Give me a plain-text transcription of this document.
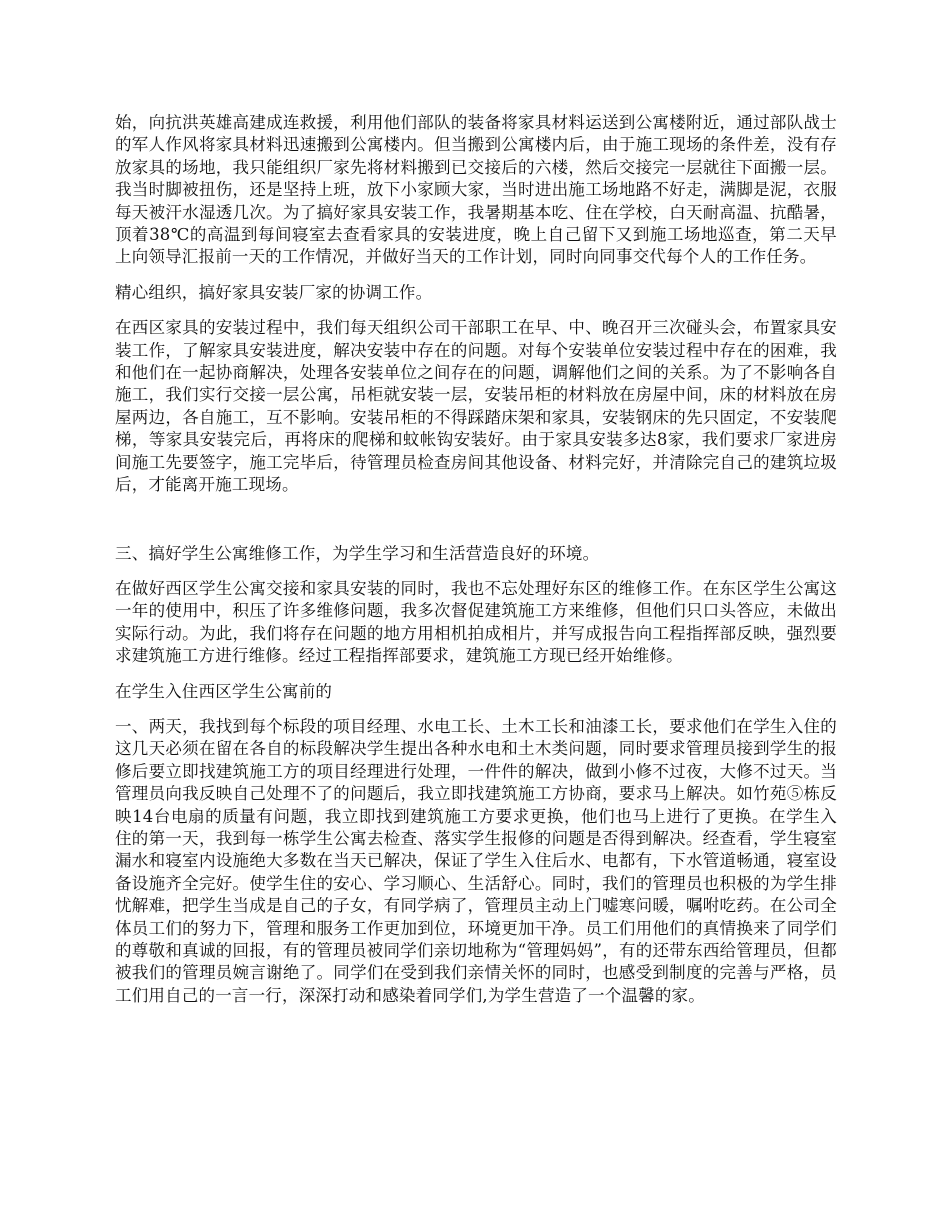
始，向抗洪英雄高建成连救援，利用他们部队的装备将家具材料运送到公寓楼附近，通过部队战士的军人作风将家具材料迅速搬到公寓楼内。但当搬到公寓楼内后，由于施工现场的条件差，没有存放家具的场地，我只能组织厂家先将材料搬到已交接后的六楼，然后交接完一层就往下面搬一层。我当时脚被扭伤，还是坚持上班，放下小家顾大家，当时进出施工场地路不好走，满脚是泥，衣服每天被汗水湿透几次。为了搞好家具安装工作，我暑期基本吃、住在学校，白天耐高温、抗酷暑，顶着38℃的高温到每间寝室去查看家具的安装进度，晚上自己留下又到施工场地巡查，第二天早上向领导汇报前一天的工作情况，并做好当天的工作计划，同时向同事交代每个人的工作任务。

精心组织，搞好家具安装厂家的协调工作。

在西区家具的安装过程中，我们每天组织公司干部职工在早、中、晚召开三次碰头会，布置家具安装工作，了解家具安装进度，解决安装中存在的问题。对每个安装单位安装过程中存在的困难，我和他们在一起协商解决，处理各安装单位之间存在的问题，调解他们之间的关系。为了不影响各自施工，我们实行交接一层公寓，吊柜就安装一层，安装吊柜的材料放在房屋中间，床的材料放在房屋两边，各自施工，互不影响。安装吊柜的不得踩踏床架和家具，安装钢床的先只固定，不安装爬梯，等家具安装完后，再将床的爬梯和蚊帐钩安装好。由于家具安装多达8家，我们要求厂家进房间施工先要签字，施工完毕后，待管理员检查房间其他设备、材料完好，并清除完自己的建筑垃圾后，才能离开施工现场。

三、搞好学生公寓维修工作，为学生学习和生活营造良好的环境。

在做好西区学生公寓交接和家具安装的同时，我也不忘处理好东区的维修工作。在东区学生公寓这一年的使用中，积压了许多维修问题，我多次督促建筑施工方来维修，但他们只口头答应，未做出实际行动。为此，我们将存在问题的地方用相机拍成相片，并写成报告向工程指挥部反映，强烈要求建筑施工方进行维修。经过工程指挥部要求，建筑施工方现已经开始维修。

在学生入住西区学生公寓前的

一、两天，我找到每个标段的项目经理、水电工长、土木工长和油漆工长，要求他们在学生入住的这几天必须在留在各自的标段解决学生提出各种水电和土木类问题，同时要求管理员接到学生的报修后要立即找建筑施工方的项目经理进行处理，一件件的解决，做到小修不过夜，大修不过天。当管理员向我反映自己处理不了的问题后，我立即找建筑施工方协商，要求马上解决。如竹苑⑤栋反映14台电扇的质量有问题，我立即找到建筑施工方要求更换，他们也马上进行了更换。在学生入住的第一天，我到每一栋学生公寓去检查、落实学生报修的问题是否得到解决。经查看，学生寝室漏水和寝室内设施绝大多数在当天已解决，保证了学生入住后水、电都有，下水管道畅通，寝室设备设施齐全完好。使学生住的安心、学习顺心、生活舒心。同时，我们的管理员也积极的为学生排忧解难，把学生当成是自己的子女，有同学病了，管理员主动上门嘘寒问暖，嘱咐吃药。在公司全体员工们的努力下，管理和服务工作更加到位，环境更加干净。员工们用他们的真情换来了同学们的尊敬和真诚的回报，有的管理员被同学们亲切地称为“管理妈妈”，有的还带东西给管理员，但都被我们的管理员婉言谢绝了。同学们在受到我们亲情关怀的同时，也感受到制度的完善与严格，员工们用自己的一言一行，深深打动和感染着同学们,为学生营造了一个温馨的家。
